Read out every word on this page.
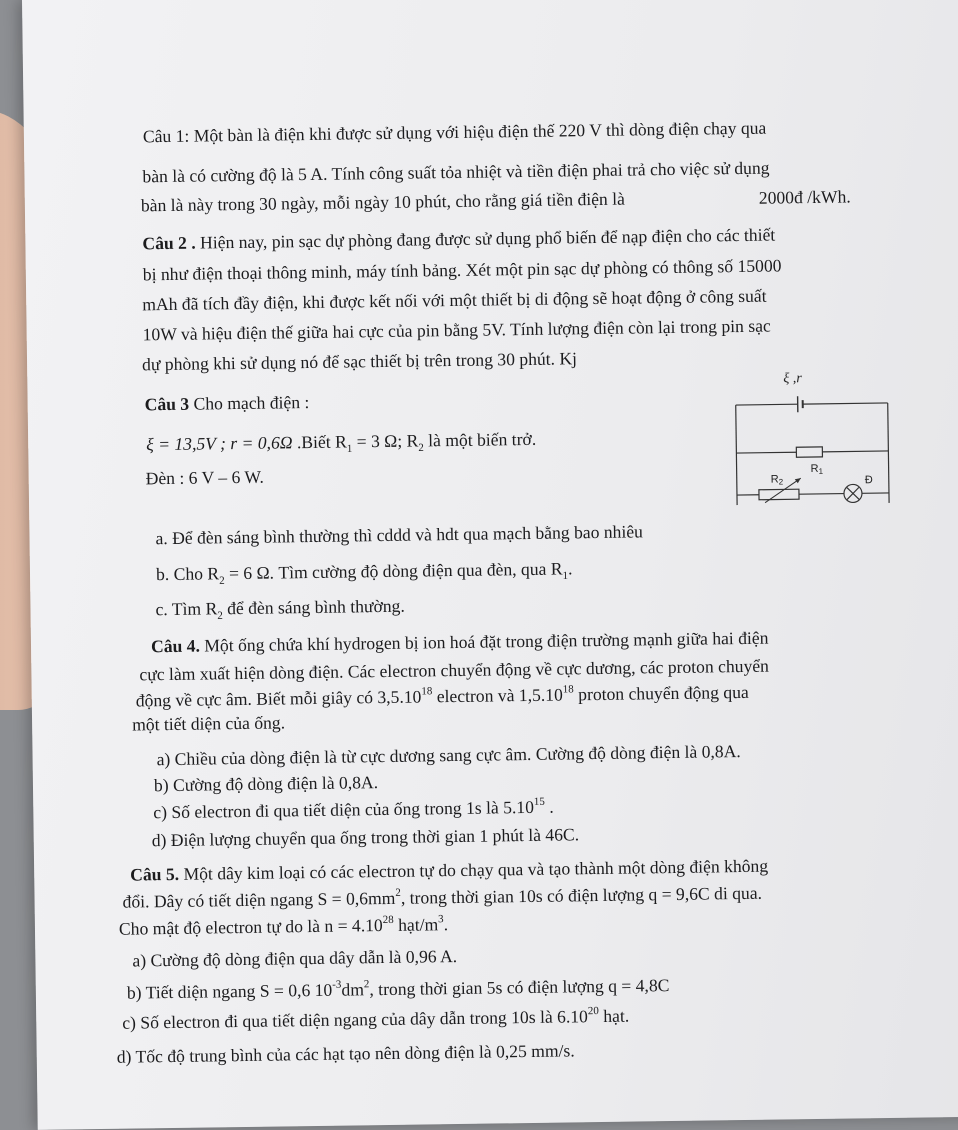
Câu 1: Một bàn là điện khi được sử dụng với hiệu điện thế 220 V thì dòng điện chạy qua
bàn là có cường độ là 5 A. Tính công suất tỏa nhiệt và tiền điện phai trả cho việc sử dụng
bàn là này trong 30 ngày, mỗi ngày 10 phút, cho rằng giá tiền điện là	2000đ /kWh.
Câu 2 . Hiện nay, pin sạc dự phòng đang được sử dụng phổ biến để nạp điện cho các thiết
bị như điện thoại thông minh, máy tính bảng. Xét một pin sạc dự phòng có thông số 15000
mAh đã tích đầy điện, khi được kết nối với một thiết bị di động sẽ hoạt động ở công suất
10W và hiệu điện thế giữa hai cực của pin bằng 5V. Tính lượng điện còn lại trong pin sạc
dự phòng khi sử dụng nó để sạc thiết bị trên trong 30 phút. Kj
Câu 3 Cho mạch điện :
ξ = 13,5V ; r = 0,6Ω .Biết $R_1 = 3$ Ω; $R_2$ là một biến trở.
Đèn : 6 V – 6 W.
ξ ,r
R1
R2	Đ
a. Để đèn sáng bình thường thì cddd và hdt qua mạch bằng bao nhiêu
b. Cho $R_2 = 6$ Ω. Tìm cường độ dòng điện qua đèn, qua $R_1$.
c. Tìm $R_2$ để đèn sáng bình thường.
Câu 4. Một ống chứa khí hydrogen bị ion hoá đặt trong điện trường mạnh giữa hai điện
cực làm xuất hiện dòng điện. Các electron chuyển động về cực dương, các proton chuyển
động về cực âm. Biết mỗi giây có 3,5.10$^{18}$ electron và 1,5.10$^{18}$ proton chuyển động qua
một tiết diện của ống.
a) Chiều của dòng điện là từ cực dương sang cực âm. Cường độ dòng điện là 0,8A.
b) Cường độ dòng điện là 0,8A.
c) Số electron đi qua tiết diện của ống trong 1s là 5.10$^{15}$ .
d) Điện lượng chuyển qua ống trong thời gian 1 phút là 46C.
Câu 5. Một dây kim loại có các electron tự do chạy qua và tạo thành một dòng điện không
đổi. Dây có tiết diện ngang $S = 0,6mm^2$, trong thời gian 10s có điện lượng q = 9,6C di qua.
Cho mật độ electron tự do là $n = 4.10^{28}$ hạt/$m^3$.
a) Cường độ dòng điện qua dây dẫn là 0,96 A.
b) Tiết diện ngang S = 0,6 $10^{-3}dm^2$, trong thời gian 5s có điện lượng q = 4,8C
c) Số electron đi qua tiết diện ngang của dây dẫn trong 10s là 6.10$^{20}$ hạt.
d) Tốc độ trung bình của các hạt tạo nên dòng điện là 0,25 mm/s.
